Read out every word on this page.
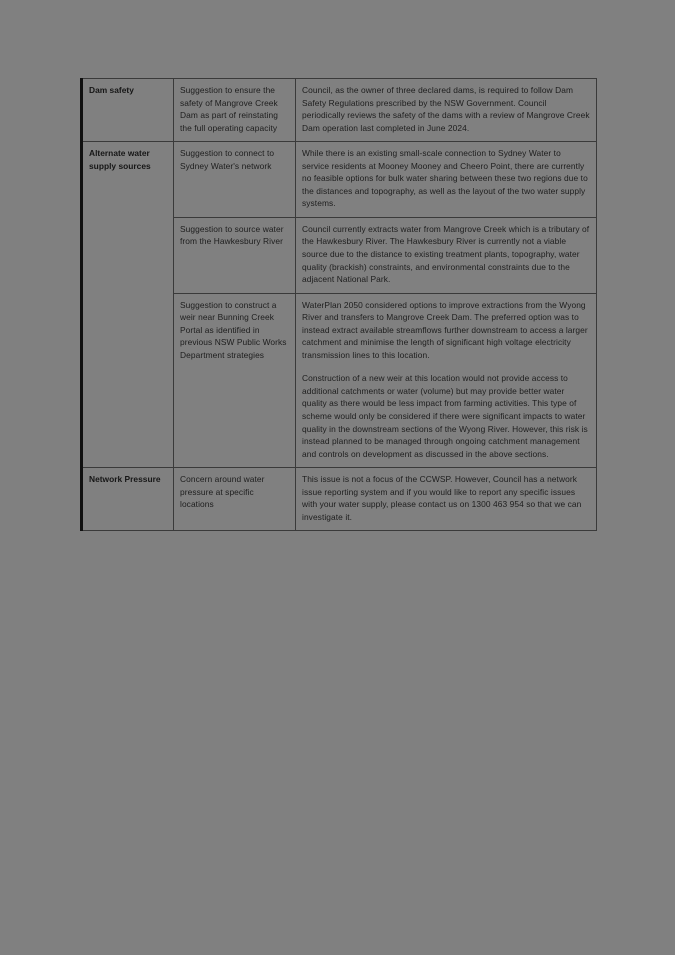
Dam safety	Suggestion to ensure the safety of Mangrove Creek Dam as part of reinstating the full operating capacity	Council, as the owner of three declared dams, is required to follow Dam Safety Regulations prescribed by the NSW Government. Council periodically reviews the safety of the dams with a review of Mangrove Creek Dam operation last completed in June 2024.

Alternate water supply sources	Suggestion to connect to Sydney Water's network	While there is an existing small-scale connection to Sydney Water to service residents at Mooney Mooney and Cheero Point, there are currently no feasible options for bulk water sharing between these two regions due to the distances and topography, as well as the layout of the two water supply systems.

	Suggestion to source water from the Hawkesbury River	Council currently extracts water from Mangrove Creek which is a tributary of the Hawkesbury River. The Hawkesbury River is currently not a viable source due to the distance to existing treatment plants, topography, water quality (brackish) constraints, and environmental constraints due to the adjacent National Park.

	Suggestion to construct a weir near Bunning Creek Portal as identified in previous NSW Public Works Department strategies	WaterPlan 2050 considered options to improve extractions from the Wyong River and transfers to Mangrove Creek Dam. The preferred option was to instead extract available streamflows further downstream to access a larger catchment and minimise the length of significant high voltage electricity transmission lines to this location.

Construction of a new weir at this location would not provide access to additional catchments or water (volume) but may provide better water quality as there would be less impact from farming activities. This type of scheme would only be considered if there were significant impacts to water quality in the downstream sections of the Wyong River. However, this risk is instead planned to be managed through ongoing catchment management and controls on development as discussed in the above sections.

Network Pressure	Concern around water pressure at specific locations	This issue is not a focus of the CCWSP. However, Council has a network issue reporting system and if you would like to report any specific issues with your water supply, please contact us on 1300 463 954 so that we can investigate it.
